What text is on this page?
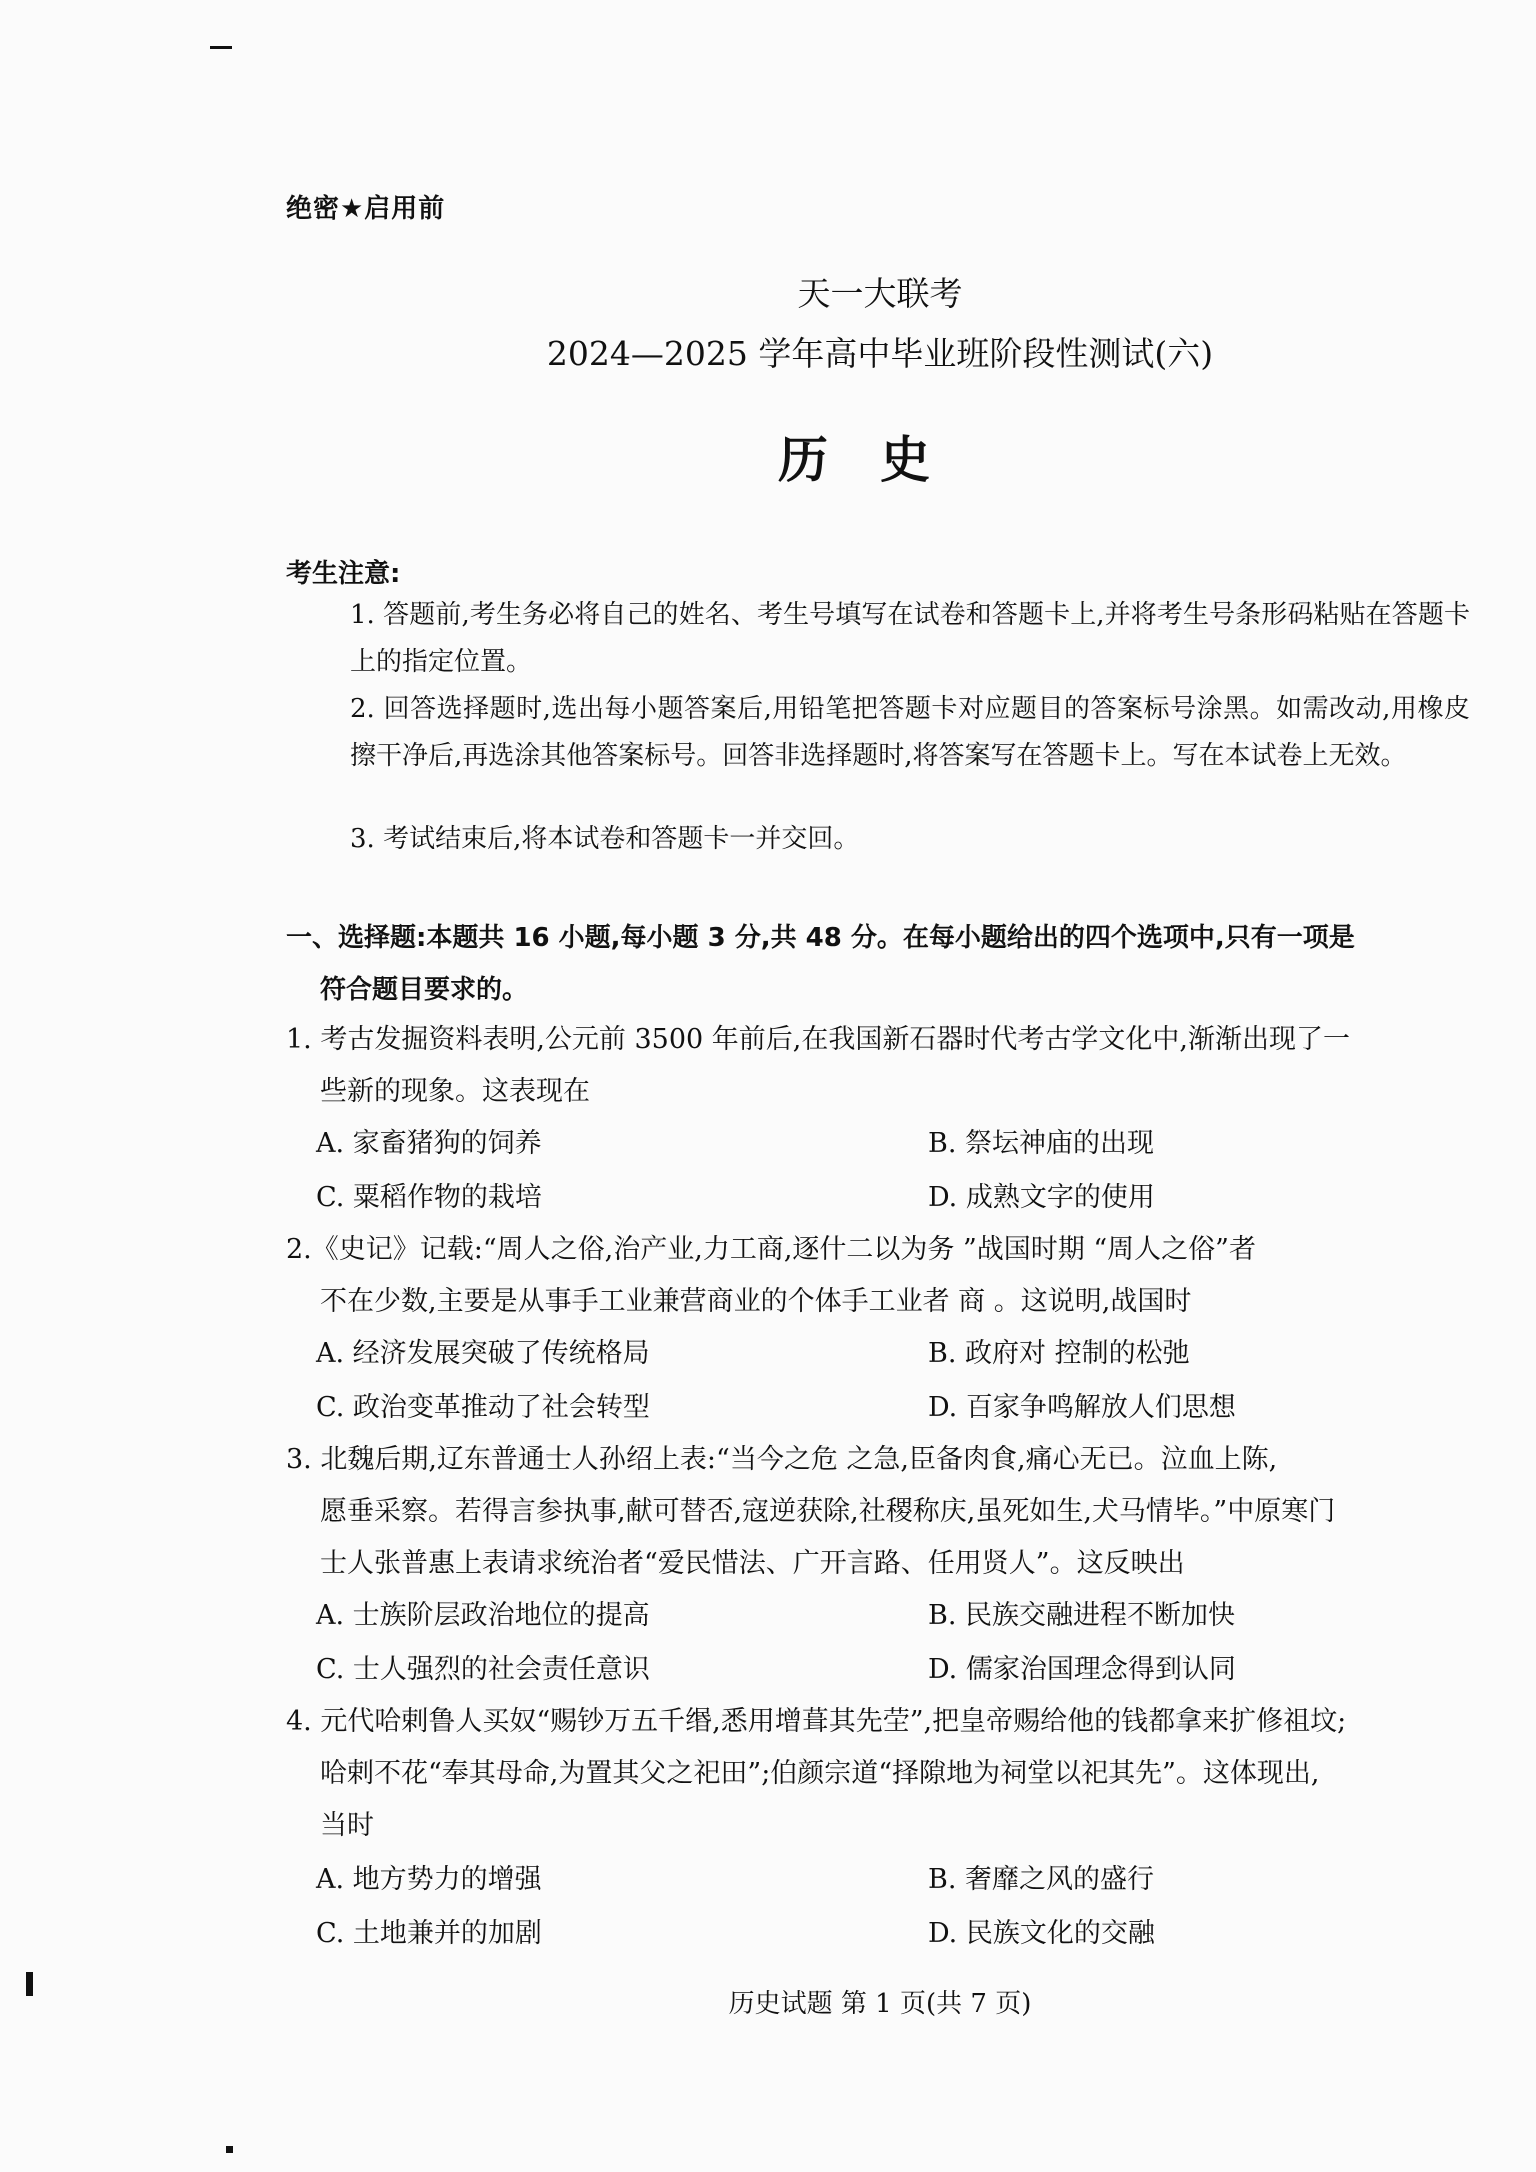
绝密★启用前
天一大联考
2024—2025 学年高中毕业班阶段性测试(六)
历史
考生注意:
1. 答题前,考生务必将自己的姓名、考生号填写在试卷和答题卡上,并将考生号条形码粘贴在答题卡上的指定位置。
2. 回答选择题时,选出每小题答案后,用铅笔把答题卡对应题目的答案标号涂黑。如需改动,用橡皮擦干净后,再选涂其他答案标号。回答非选择题时,将答案写在答题卡上。写在本试卷上无效。
3. 考试结束后,将本试卷和答题卡一并交回。
一、选择题:本题共 16 小题,每小题 3 分,共 48 分。在每小题给出的四个选项中,只有一项是
符合题目要求的。
1. 考古发掘资料表明,公元前 3500 年前后,在我国新石器时代考古学文化中,渐渐出现了一
些新的现象。这表现在
A. 家畜猪狗的饲养	B. 祭坛神庙的出现
C. 粟稻作物的栽培	D. 成熟文字的使用
2.《史记》记载:“周人之俗,治产业,力工商,逐什二以为务 ”战国时期 “周人之俗”者
不在少数,主要是从事手工业兼营商业的个体手工业者 商 。这说明,战国时
A. 经济发展突破了传统格局	B. 政府对 控制的松弛
C. 政治变革推动了社会转型	D. 百家争鸣解放人们思想
3. 北魏后期,辽东普通士人孙绍上表:“当今之危 之急,臣备肉食,痛心无已。泣血上陈,
愿垂采察。若得言参执事,献可替否,寇逆获除,社稷称庆,虽死如生,犬马情毕。”中原寒门
士人张普惠上表请求统治者“爱民惜法、广开言路、任用贤人”。这反映出
A. 士族阶层政治地位的提高	B. 民族交融进程不断加快
C. 士人强烈的社会责任意识	D. 儒家治国理念得到认同
4. 元代哈剌鲁人买奴“赐钞万五千缗,悉用增葺其先茔”,把皇帝赐给他的钱都拿来扩修祖坟;
哈剌不花“奉其母命,为置其父之祀田”;伯颜宗道“择隙地为祠堂以祀其先”。这体现出,
当时
A. 地方势力的增强	B. 奢靡之风的盛行
C. 土地兼并的加剧	D. 民族文化的交融
历史试题 第 1 页(共 7 页)
